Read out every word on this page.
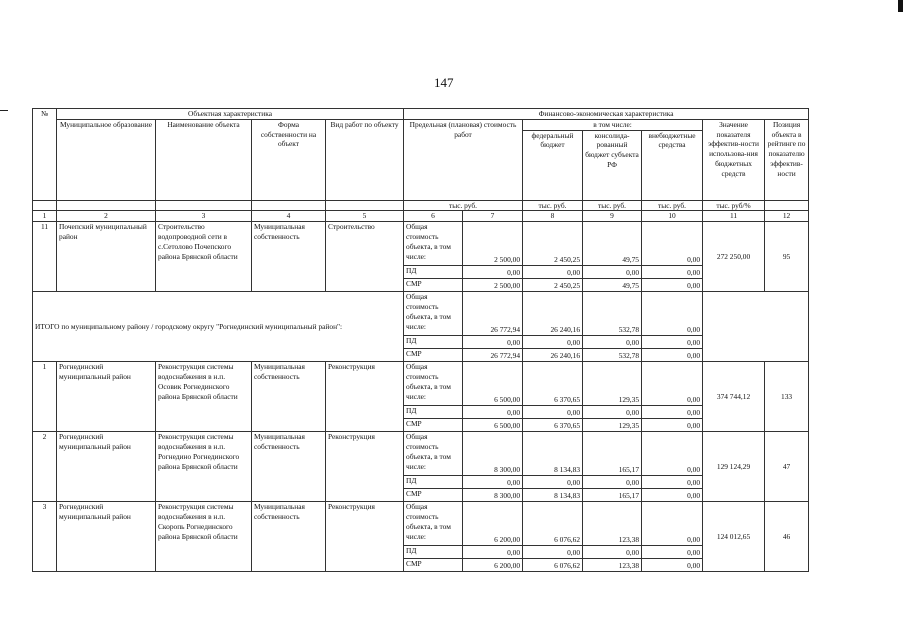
147
№	Объектная характеристика				Финансово-экономическая характеристика						
	Муниципальное образование	Наименование объекта	Форма собственности на объект	Вид работ по объекту	Предельная (плановая) стоимость работ		в том числе:			Значение показателя эффектив-ности использова-ния бюджетных средств	Позиция объекта в рейтинге по показателю эффектив-ности
							федеральный бюджет	консолида-рованный бюджет субъекта РФ	внебюджетные средства		
					тыс. руб.		тыс. руб.	тыс. руб.	тыс. руб.	тыс. руб/%	
1	2	3	4	5	6	7	8	9	10	11	12
11	Почепский муниципальный район	Строительство водопроводной сети в с.Сетолово Почепского района Брянской области	Муниципальная собственность	Строительство	Общая стоимость объекта, в том числе:	2 500,00	2 450,25	49,75	0,00	272 250,00	95
					ПД	0,00	0,00	0,00	0,00		
					СМР	2 500,00	2 450,25	49,75	0,00		
ИТОГО по муниципальному району / городскому округу "Рогнединский муниципальный район":					Общая стоимость объекта, в том числе:	26 772,94	26 240,16	532,78	0,00		
					ПД	0,00	0,00	0,00	0,00		
					СМР	26 772,94	26 240,16	532,78	0,00		
1	Рогнединский муниципальный район	Реконструкция системы водоснабжения в н.п. Осовик Рогнединского района Брянской области	Муниципальная собственность	Реконструкция	Общая стоимость объекта, в том числе:	6 500,00	6 370,65	129,35	0,00	374 744,12	133
					ПД	0,00	0,00	0,00	0,00		
					СМР	6 500,00	6 370,65	129,35	0,00		
2	Рогнединский муниципальный район	Реконструкция системы водоснабжения в н.п. Рогнедино Рогнединского района Брянской области	Муниципальная собственность	Реконструкция	Общая стоимость объекта, в том числе:	8 300,00	8 134,83	165,17	0,00	129 124,29	47
					ПД	0,00	0,00	0,00	0,00		
					СМР	8 300,00	8 134,83	165,17	0,00		
3	Рогнединский муниципальный район	Реконструкция системы водоснабжения в н.п. Скоропь Рогнединского района Брянской области	Муниципальная собственность	Реконструкция	Общая стоимость объекта, в том числе:	6 200,00	6 076,62	123,38	0,00	124 012,65	46
					ПД	0,00	0,00	0,00	0,00		
					СМР	6 200,00	6 076,62	123,38	0,00		
